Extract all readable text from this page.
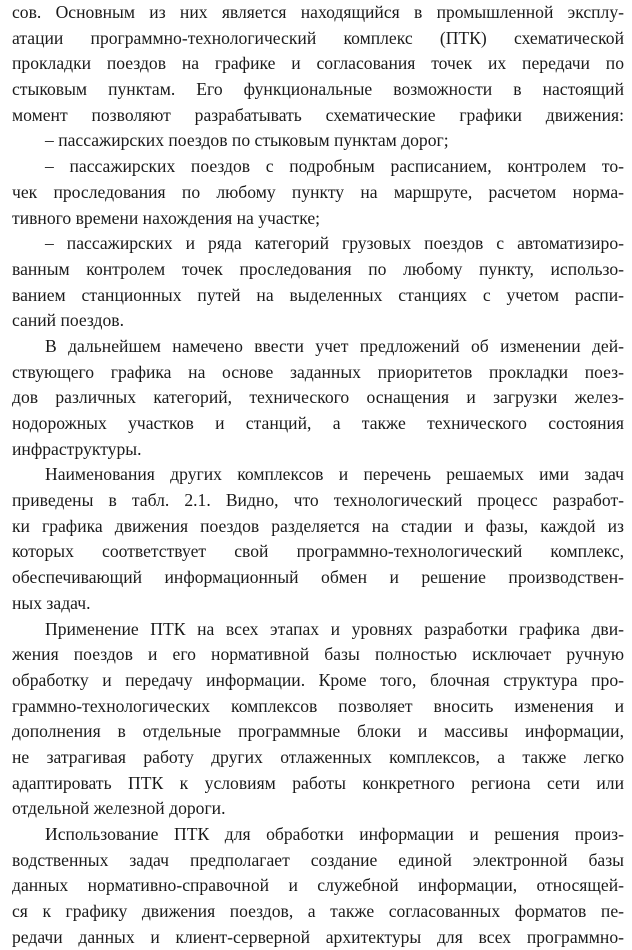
сов. Основным из них является находящийся в промышленной эксплу-
атации программно-технологический комплекс (ПТК) схематической
прокладки поездов на графике и согласования точек их передачи по
стыковым пунктам. Его функциональные возможности в настоящий
момент позволяют разрабатывать схематические графики движения:
– пассажирских поездов по стыковым пунктам дорог;
– пассажирских поездов с подробным расписанием, контролем то-
чек проследования по любому пункту на маршруте, расчетом норма-
тивного времени нахождения на участке;
– пассажирских и ряда категорий грузовых поездов с автоматизиро-
ванным контролем точек проследования по любому пункту, использо-
ванием станционных путей на выделенных станциях с учетом распи-
саний поездов.
В дальнейшем намечено ввести учет предложений об изменении дей-
ствующего графика на основе заданных приоритетов прокладки поез-
дов различных категорий, технического оснащения и загрузки желез-
нодорожных участков и станций, а также технического состояния
инфраструктуры.
Наименования других комплексов и перечень решаемых ими задач
приведены в табл. 2.1. Видно, что технологический процесс разработ-
ки графика движения поездов разделяется на стадии и фазы, каждой из
которых соответствует свой программно-технологический комплекс,
обеспечивающий информационный обмен и решение производствен-
ных задач.
Применение ПТК на всех этапах и уровнях разработки графика дви-
жения поездов и его нормативной базы полностью исключает ручную
обработку и передачу информации. Кроме того, блочная структура про-
граммно-технологических комплексов позволяет вносить изменения и
дополнения в отдельные программные блоки и массивы информации,
не затрагивая работу других отлаженных комплексов, а также легко
адаптировать ПТК к условиям работы конкретного региона сети или
отдельной железной дороги.
Использование ПТК для обработки информации и решения произ-
водственных задач предполагает создание единой электронной базы
данных нормативно-справочной и служебной информации, относящей-
ся к графику движения поездов, а также согласованных форматов пе-
редачи данных и клиент-серверной архитектуры для всех программно-
